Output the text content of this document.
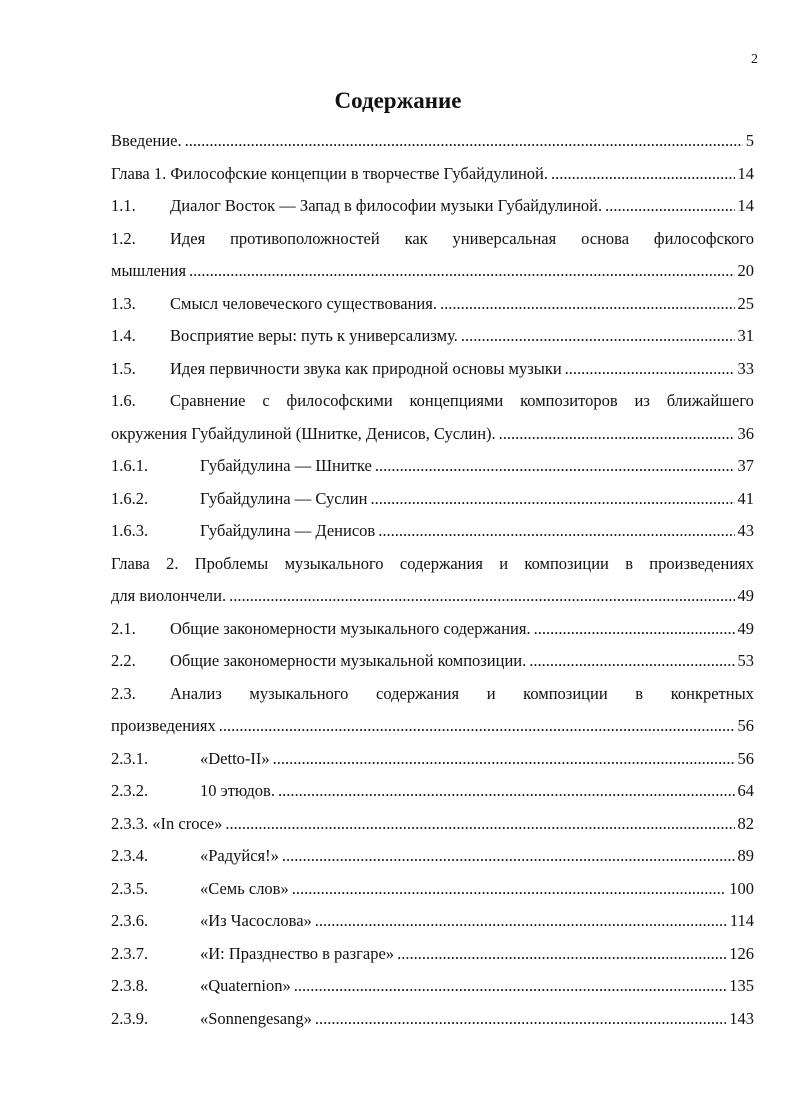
2
Содержание
Введение. .....	5
Глава 1. Философские концепции в творчестве Губайдулиной. .....	14
1.1.	Диалог Восток — Запад в философии музыки Губайдулиной. .....	14
1.2.	Идея противоположностей как универсальная основа философского
мышления .....	20
1.3.	Смысл человеческого существования. .....	25
1.4.	Восприятие веры: путь к универсализму. .....	31
1.5.	Идея первичности звука как природной основы музыки .....	33
1.6.	Сравнение с философскими концепциями композиторов из ближайшего
окружения Губайдулиной (Шнитке, Денисов, Суслин). .....	36
1.6.1.	Губайдулина — Шнитке .....	37
1.6.2.	Губайдулина — Суслин .....	41
1.6.3.	Губайдулина — Денисов .....	43
Глава 2. Проблемы музыкального содержания и композиции в произведениях
для виолончели. .....	49
2.1.	Общие закономерности музыкального содержания. .....	49
2.2.	Общие закономерности музыкальной композиции. .....	53
2.3.	Анализ музыкального содержания и композиции в конкретных
произведениях .....	56
2.3.1.	«Detto-II» .....	56
2.3.2.	10 этюдов. .....	64
2.3.3. «In croce» .....	82
2.3.4.	«Радуйся!» .....	89
2.3.5.	«Семь слов» .....	100
2.3.6.	«Из Часослова» .....	114
2.3.7.	«И: Празднество в разгаре» .....	126
2.3.8.	«Quaternion» .....	135
2.3.9.	«Sonnengesang» .....	143
